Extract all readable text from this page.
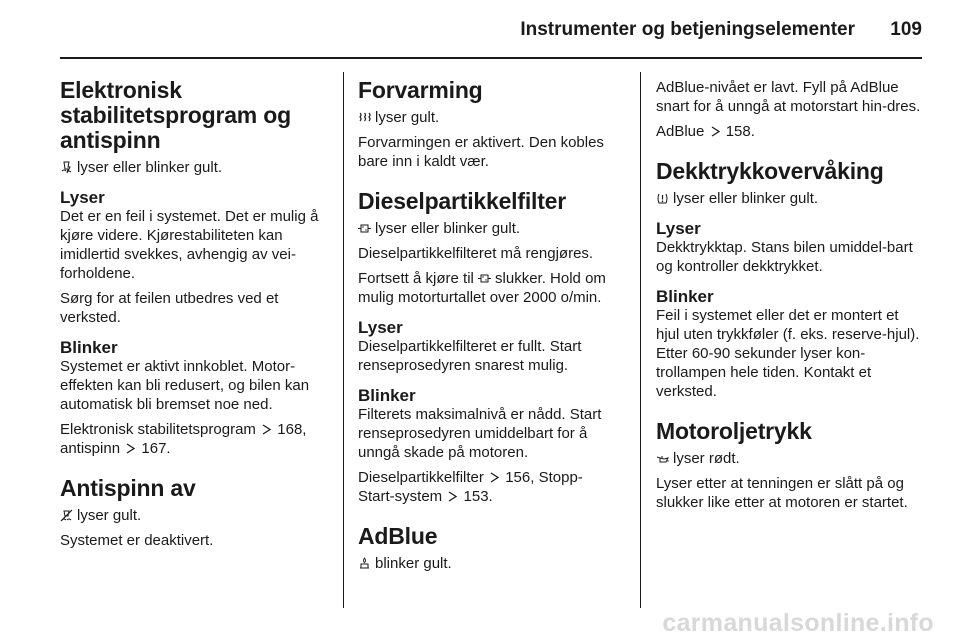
Instrumenter og betjeningselementer 109
Elektronisk
stabilitetsprogram og
antispinn

lyser eller blinker gult.

Lyser

Det er en feil i systemet. Det er mulig å kjøre videre. Kjørestabiliteten kan imidlertid svekkes, avhengig av vei-forholdene.

Sørg for at feilen utbedres ved et verksted.

Blinker

Systemet er aktivt innkoblet. Motor-effekten kan bli redusert, og bilen kan automatisk bli bremset noe ned.

Elektronisk stabilitetsprogram 168,
antispinn 167.

Antispinn av

lyser gult.

Systemet er deaktivert.

Forvarming

lyser gult.

Forvarmingen er aktivert. Den kobles bare inn i kaldt vær.

Dieselpartikkelfilter

lyser eller blinker gult.

Dieselpartikkelfilteret må rengjøres.

Fortsett å kjøre til slukker. Hold om mulig motorturtallet over 2000 o/min.

Lyser

Dieselpartikkelfilteret er fullt. Start renseprosedyren snarest mulig.

Blinker

Filterets maksimalnivå er nådd. Start renseprosedyren umiddelbart for å unngå skade på motoren.

Dieselpartikkelfilter 156, Stopp-
Start-system 153.

AdBlue

blinker gult.

AdBlue-nivået er lavt. Fyll på AdBlue snart for å unngå at motorstart hin-dres.

AdBlue 158.

Dekktrykkovervåking

lyser eller blinker gult.

Lyser

Dekktrykktap. Stans bilen umiddel-bart og kontroller dekktrykket.

Blinker

Feil i systemet eller det er montert et hjul uten trykkføler (f. eks. reserve-hjul). Etter 60-90 sekunder lyser kon-trollampen hele tiden. Kontakt et verksted.

Motoroljetrykk

lyser rødt.

Lyser etter at tenningen er slått på og slukker like etter at motoren er startet.

carmanualsonline.info
